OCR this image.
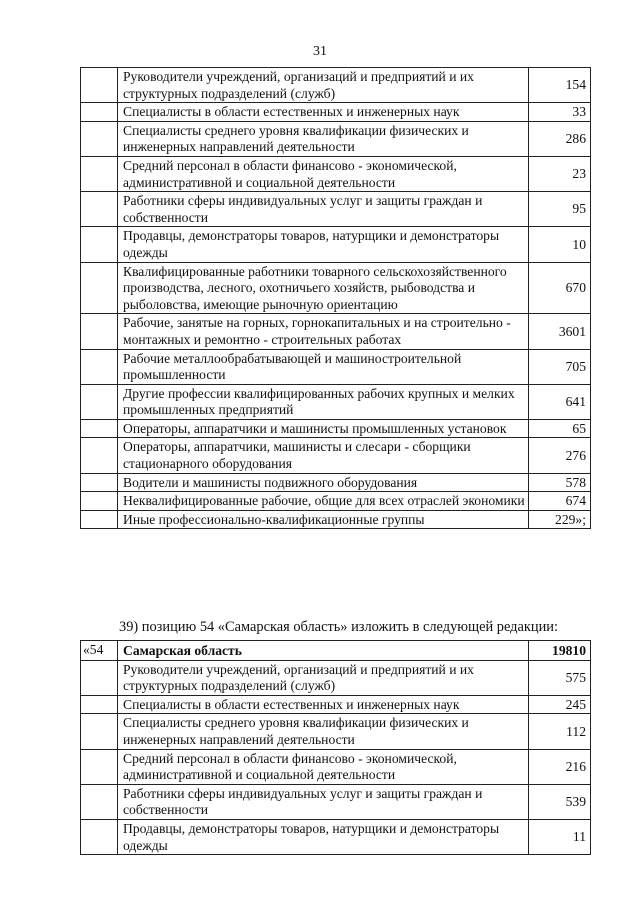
31
	Руководители учреждений, организаций и предприятий и их структурных подразделений (служб)	154
	Специалисты в области естественных и инженерных наук	33
	Специалисты среднего уровня квалификации физических и инженерных направлений деятельности	286
	Средний персонал в области финансово - экономической, административной и социальной деятельности	23
	Работники сферы индивидуальных услуг и защиты граждан и собственности	95
	Продавцы, демонстраторы товаров, натурщики и демонстраторы одежды	10
	Квалифицированные работники товарного сельскохозяйственного производства, лесного, охотничьего хозяйств, рыбоводства и рыболовства, имеющие рыночную ориентацию	670
	Рабочие, занятые на горных, горнокапитальных и на строительно - монтажных и ремонтно - строительных работах	3601
	Рабочие металлообрабатывающей и машиностроительной промышленности	705
	Другие профессии квалифицированных рабочих крупных и мелких промышленных предприятий	641
	Операторы, аппаратчики и машинисты промышленных установок	65
	Операторы, аппаратчики, машинисты и слесари - сборщики стационарного оборудования	276
	Водители и машинисты подвижного оборудования	578
	Неквалифицированные рабочие, общие для всех отраслей экономики	674
	Иные профессионально-квалификационные группы	229»;
39) позицию 54 «Самарская область» изложить в следующей редакции:
«54	Самарская область	19810
	Руководители учреждений, организаций и предприятий и их структурных подразделений (служб)	575
	Специалисты в области естественных и инженерных наук	245
	Специалисты среднего уровня квалификации физических и инженерных направлений деятельности	112
	Средний персонал в области финансово - экономической, административной и социальной деятельности	216
	Работники сферы индивидуальных услуг и защиты граждан и собственности	539
	Продавцы, демонстраторы товаров, натурщики и демонстраторы одежды	11
